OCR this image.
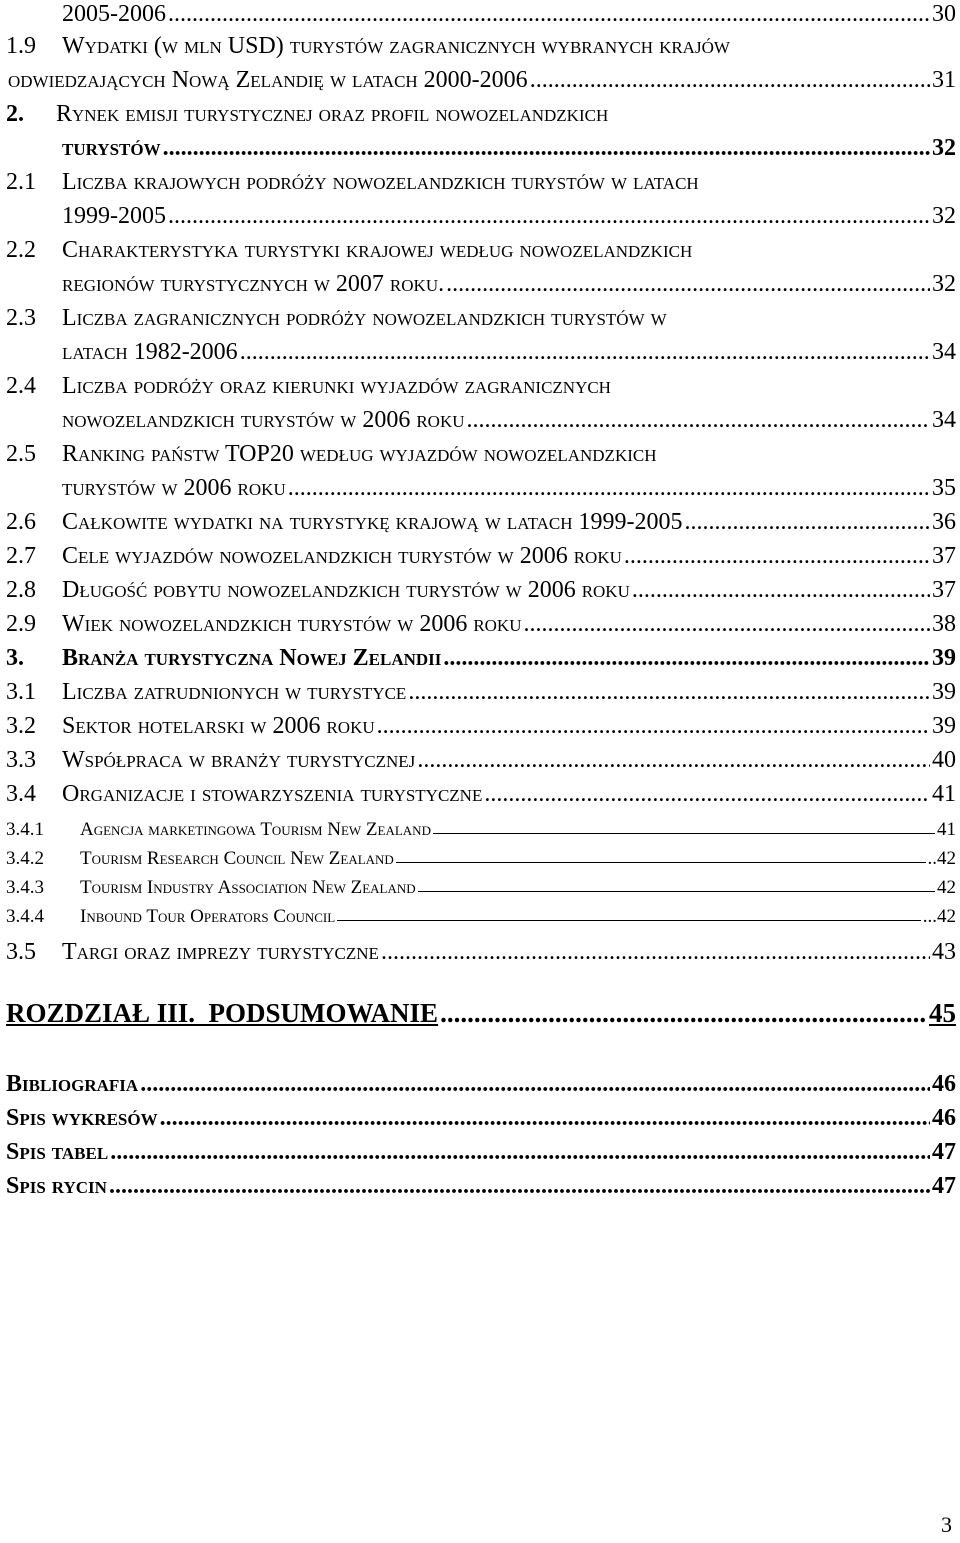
2005-2006 .....	30
1.9 Wydatki (w mln USD) turystów zagranicznych wybranych krajów
odwiedzających Nową Zelandię w latach 2000-2006 .....	31
2. Rynek emisji turystycznej oraz profil nowozelandzkich
turystów .....	32
2.1 Liczba krajowych podróży nowozelandzkich turystów w latach
1999-2005 .....	32
2.2 Charakterystyka turystyki krajowej według nowozelandzkich
regionów turystycznych w 2007 roku. .....	32
2.3 Liczba zagranicznych podróży nowozelandzkich turystów w
latach 1982-2006 .....	34
2.4 Liczba podróży oraz kierunki wyjazdów zagranicznych
nowozelandzkich turystów w 2006 roku .....	34
2.5 Ranking państw TOP20 według wyjazdów nowozelandzkich
turystów w 2006 roku .....	35
2.6 Całkowite wydatki na turystykę krajową w latach 1999-2005 .....	36
2.7 Cele wyjazdów nowozelandzkich turystów w 2006 roku .....	37
2.8 Długość pobytu nowozelandzkich turystów w 2006 roku .....	37
2.9 Wiek nowozelandzkich turystów w 2006 roku .....	38
3. Branża turystyczna Nowej Zelandii .....	39
3.1 Liczba zatrudnionych w turystyce .....	39
3.2 Sektor hotelarski w 2006 roku .....	39
3.3 Współpraca w branży turystycznej .....	40
3.4 Organizacje i stowarzyszenia turystyczne .....	41
3.4.1 Agencja marketingowa Tourism New Zealand	41
3.4.2 Tourism Research Council New Zealand	..42
3.4.3 Tourism Industry Association New Zealand	42
3.4.4 Inbound Tour Operators Council	...42
3.5 Targi oraz imprezy turystyczne .....	43
ROZDZIAŁ III.  PODSUMOWANIE .....	45
Bibliografia .....	46
Spis wykresów .....	46
Spis tabel .....	47
Spis rycin .....	47
3
